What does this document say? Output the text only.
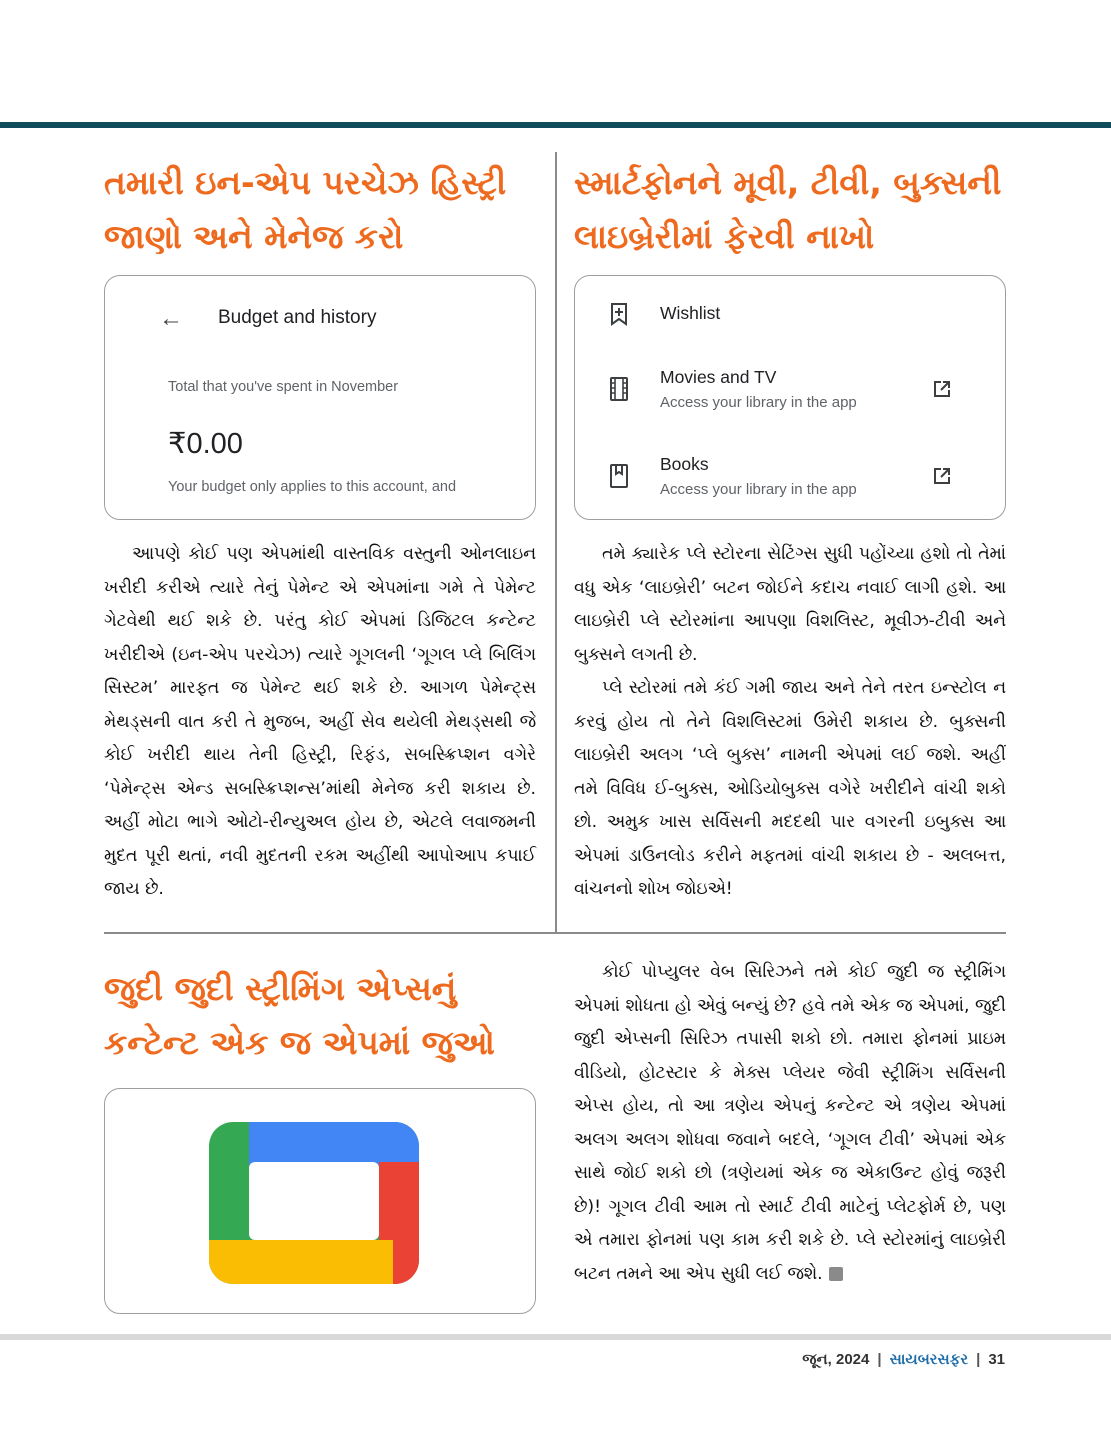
તમારી ઇન-એપ પરચેઝ હિસ્ટ્રી જાણો અને મેનેજ કરો
← Budget and history
Total that you've spent in November
₹0.00
Your budget only applies to this account, and

આપણે કોઈ પણ એપમાંથી વાસ્તવિક વસ્તુની ઓનલાઇન ખરીદી કરીએ ત્યારે તેનું પેમેન્ટ એ એપમાંના ગમે તે પેમેન્ટ ગેટવેથી થઈ શકે છે. પરંતુ કોઈ એપમાં ડિજિટલ કન્ટેન્ટ ખરીદીએ (ઇન-એપ પરચેઝ) ત્યારે ગૂગલની ‘ગૂગલ પ્લે બિલિંગ સિસ્ટમ’ મારફત જ પેમેન્ટ થઈ શકે છે. આગળ પેમેન્ટ્સ મેથડ્સની વાત કરી તે મુજબ, અહીં સેવ થયેલી મેથડ્સથી જે કોઈ ખરીદી થાય તેની હિસ્ટ્રી, રિફંડ, સબસ્ક્રિપ્શન વગેરે ‘પેમેન્ટ્સ એન્ડ સબસ્ક્રિપ્શન્સ’માંથી મેનેજ કરી શકાય છે. અહીં મોટા ભાગે ઓટો-રીન્યુઅલ હોય છે, એટલે લવાજમની મુદત પૂરી થતાં, નવી મુદતની રકમ અહીંથી આપોઆપ કપાઈ જાય છે.

સ્માર્ટફોનને મૂવી, ટીવી, બુક્સની લાઇબ્રેરીમાં ફેરવી નાખો
Wishlist
Movies and TV
Access your library in the app
Books
Access your library in the app

તમે ક્યારેક પ્લે સ્ટોરના સેટિંગ્સ સુધી પહોંચ્યા હશો તો તેમાં વધુ એક ‘લાઇબ્રેરી’ બટન જોઈને કદાચ નવાઈ લાગી હશે. આ લાઇબ્રેરી પ્લે સ્ટોરમાંના આપણા વિશલિસ્ટ, મૂવીઝ-ટીવી અને બુક્સને લગતી છે.

પ્લે સ્ટોરમાં તમે કંઈ ગમી જાય અને તેને તરત ઇન્સ્ટોલ ન કરવું હોય તો તેને વિશલિસ્ટમાં ઉમેરી શકાય છે. બુક્સની લાઇબ્રેરી અલગ ‘પ્લે બુક્સ’ નામની એપમાં લઈ જશે. અહીં તમે વિવિધ ઈ-બુક્સ, ઓડિયોબુક્સ વગેરે ખરીદીને વાંચી શકો છો. અમુક ખાસ સર્વિસની મદદથી પાર વગરની ઇબુક્સ આ એપમાં ડાઉનલોડ કરીને મફતમાં વાંચી શકાય છે - અલબત્ત, વાંચનનો શોખ જોઇએ!

જુદી જુદી સ્ટ્રીમિંગ એપ્સનું કન્ટેન્ટ એક જ એપમાં જુઓ

કોઈ પોપ્યુલર વેબ સિરિઝને તમે કોઈ જુદી જ સ્ટ્રીમિંગ એપમાં શોધતા હો એવું બન્યું છે? હવે તમે એક જ એપમાં, જુદી જુદી એપ્સની સિરિઝ તપાસી શકો છો. તમારા ફોનમાં પ્રાઇમ વીડિયો, હોટસ્ટાર કે મેક્સ પ્લેયર જેવી સ્ટ્રીમિંગ સર્વિસની એપ્સ હોય, તો આ ત્રણેય એપનું કન્ટેન્ટ એ ત્રણેય એપમાં અલગ અલગ શોધવા જવાને બદલે, ‘ગૂગલ ટીવી’ એપમાં એક સાથે જોઈ શકો છો (ત્રણેયમાં એક જ એકાઉન્ટ હોવું જરૂરી છે)! ગૂગલ ટીવી આમ તો સ્માર્ટ ટીવી માટેનું પ્લેટફોર્મ છે, પણ એ તમારા ફોનમાં પણ કામ કરી શકે છે. પ્લે સ્ટોરમાંનું લાઇબ્રેરી બટન તમને આ એપ સુધી લઈ જશે.

જૂન, 2024 | સાયબરસફર | 31
